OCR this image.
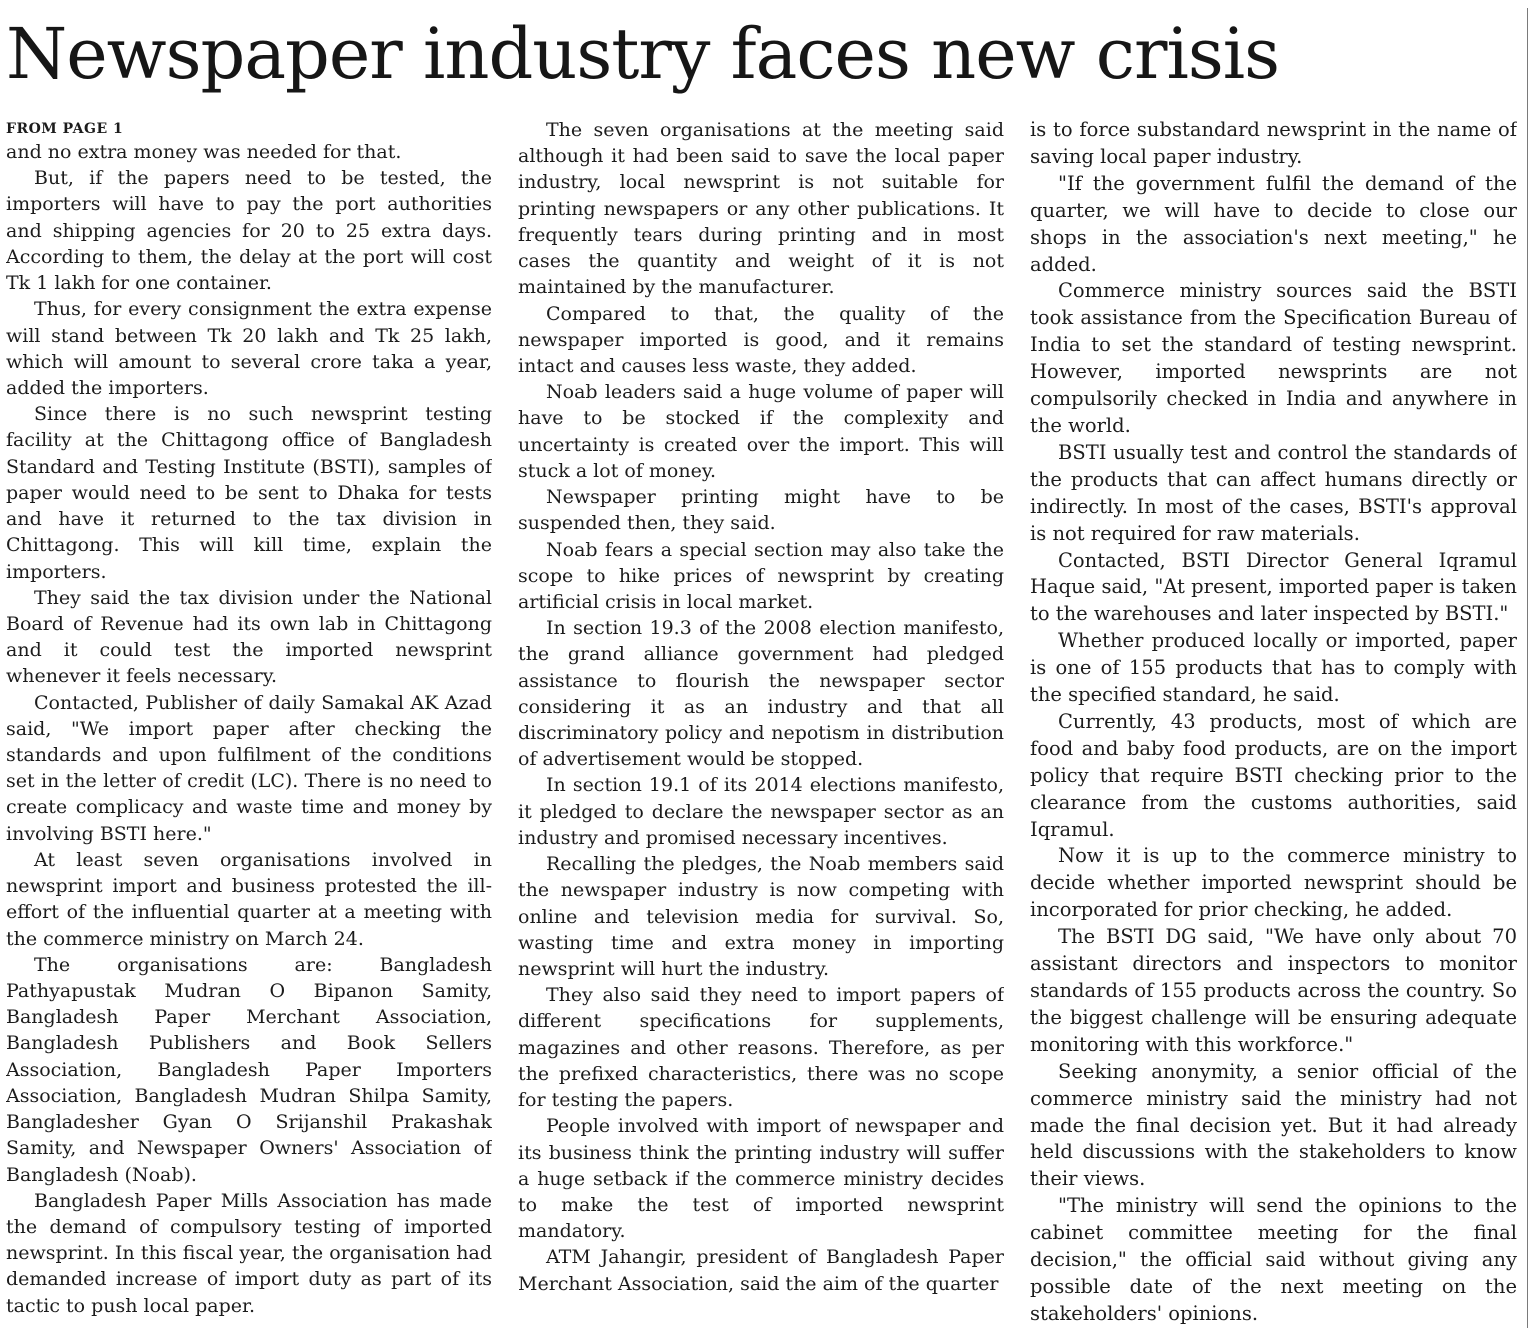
Newspaper industry faces new crisis
FROM PAGE 1

and no extra money was needed for that.

But, if the papers need to be tested, the importers will have to pay the port authorities and shipping agencies for 20 to 25 extra days. According to them, the delay at the port will cost Tk 1 lakh for one container.

Thus, for every consignment the extra expense will stand between Tk 20 lakh and Tk 25 lakh, which will amount to several crore taka a year, added the importers.

Since there is no such newsprint testing facility at the Chittagong office of Bangladesh Standard and Testing Institute (BSTI), samples of paper would need to be sent to Dhaka for tests and have it returned to the tax division in Chittagong. This will kill time, explain the importers.

They said the tax division under the National Board of Revenue had its own lab in Chittagong and it could test the imported newsprint whenever it feels necessary.

Contacted, Publisher of daily Samakal AK Azad said, "We import paper after checking the standards and upon fulfilment of the conditions set in the letter of credit (LC). There is no need to create complicacy and waste time and money by involving BSTI here."

At least seven organisations involved in newsprint import and business protested the ill-effort of the influential quarter at a meeting with the commerce ministry on March 24.

The organisations are: Bangladesh Pathyapustak Mudran O Bipanon Samity, Bangladesh Paper Merchant Association, Bangladesh Publishers and Book Sellers Association, Bangladesh Paper Importers Association, Bangladesh Mudran Shilpa Samity, Bangladesher Gyan O Srijanshil Prakashak Samity, and Newspaper Owners' Association of Bangladesh (Noab).

Bangladesh Paper Mills Association has made the demand of compulsory testing of imported newsprint. In this fiscal year, the organisation had demanded increase of import duty as part of its tactic to push local paper.

The seven organisations at the meeting said although it had been said to save the local paper industry, local newsprint is not suitable for printing newspapers or any other publications. It frequently tears during printing and in most cases the quantity and weight of it is not maintained by the manufacturer.

Compared to that, the quality of the newspaper imported is good, and it remains intact and causes less waste, they added.

Noab leaders said a huge volume of paper will have to be stocked if the complexity and uncertainty is created over the import. This will stuck a lot of money.

Newspaper printing might have to be suspended then, they said.

Noab fears a special section may also take the scope to hike prices of newsprint by creating artificial crisis in local market.

In section 19.3 of the 2008 election manifesto, the grand alliance government had pledged assistance to flourish the newspaper sector considering it as an industry and that all discriminatory policy and nepotism in distribution of advertisement would be stopped.

In section 19.1 of its 2014 elections manifesto, it pledged to declare the newspaper sector as an industry and promised necessary incentives.

Recalling the pledges, the Noab members said the newspaper industry is now competing with online and television media for survival. So, wasting time and extra money in importing newsprint will hurt the industry.

They also said they need to import papers of different specifications for supplements, magazines and other reasons. Therefore, as per the prefixed characteristics, there was no scope for testing the papers.

People involved with import of newspaper and its business think the printing industry will suffer a huge setback if the commerce ministry decides to make the test of imported newsprint mandatory.

ATM Jahangir, president of Bangladesh Paper Merchant Association, said the aim of the quarter

is to force substandard newsprint in the name of saving local paper industry.

"If the government fulfil the demand of the quarter, we will have to decide to close our shops in the association's next meeting," he added.

Commerce ministry sources said the BSTI took assistance from the Specification Bureau of India to set the standard of testing newsprint. However, imported newsprints are not compulsorily checked in India and anywhere in the world.

BSTI usually test and control the standards of the products that can affect humans directly or indirectly. In most of the cases, BSTI's approval is not required for raw materials.

Contacted, BSTI Director General Iqramul Haque said, "At present, imported paper is taken to the warehouses and later inspected by BSTI."

Whether produced locally or imported, paper is one of 155 products that has to comply with the specified standard, he said.

Currently, 43 products, most of which are food and baby food products, are on the import policy that require BSTI checking prior to the clearance from the customs authorities, said Iqramul.

Now it is up to the commerce ministry to decide whether imported newsprint should be incorporated for prior checking, he added.

The BSTI DG said, "We have only about 70 assistant directors and inspectors to monitor standards of 155 products across the country. So the biggest challenge will be ensuring adequate monitoring with this workforce."

Seeking anonymity, a senior official of the commerce ministry said the ministry had not made the final decision yet. But it had already held discussions with the stakeholders to know their views.

"The ministry will send the opinions to the cabinet committee meeting for the final decision," the official said without giving any possible date of the next meeting on the stakeholders' opinions.
